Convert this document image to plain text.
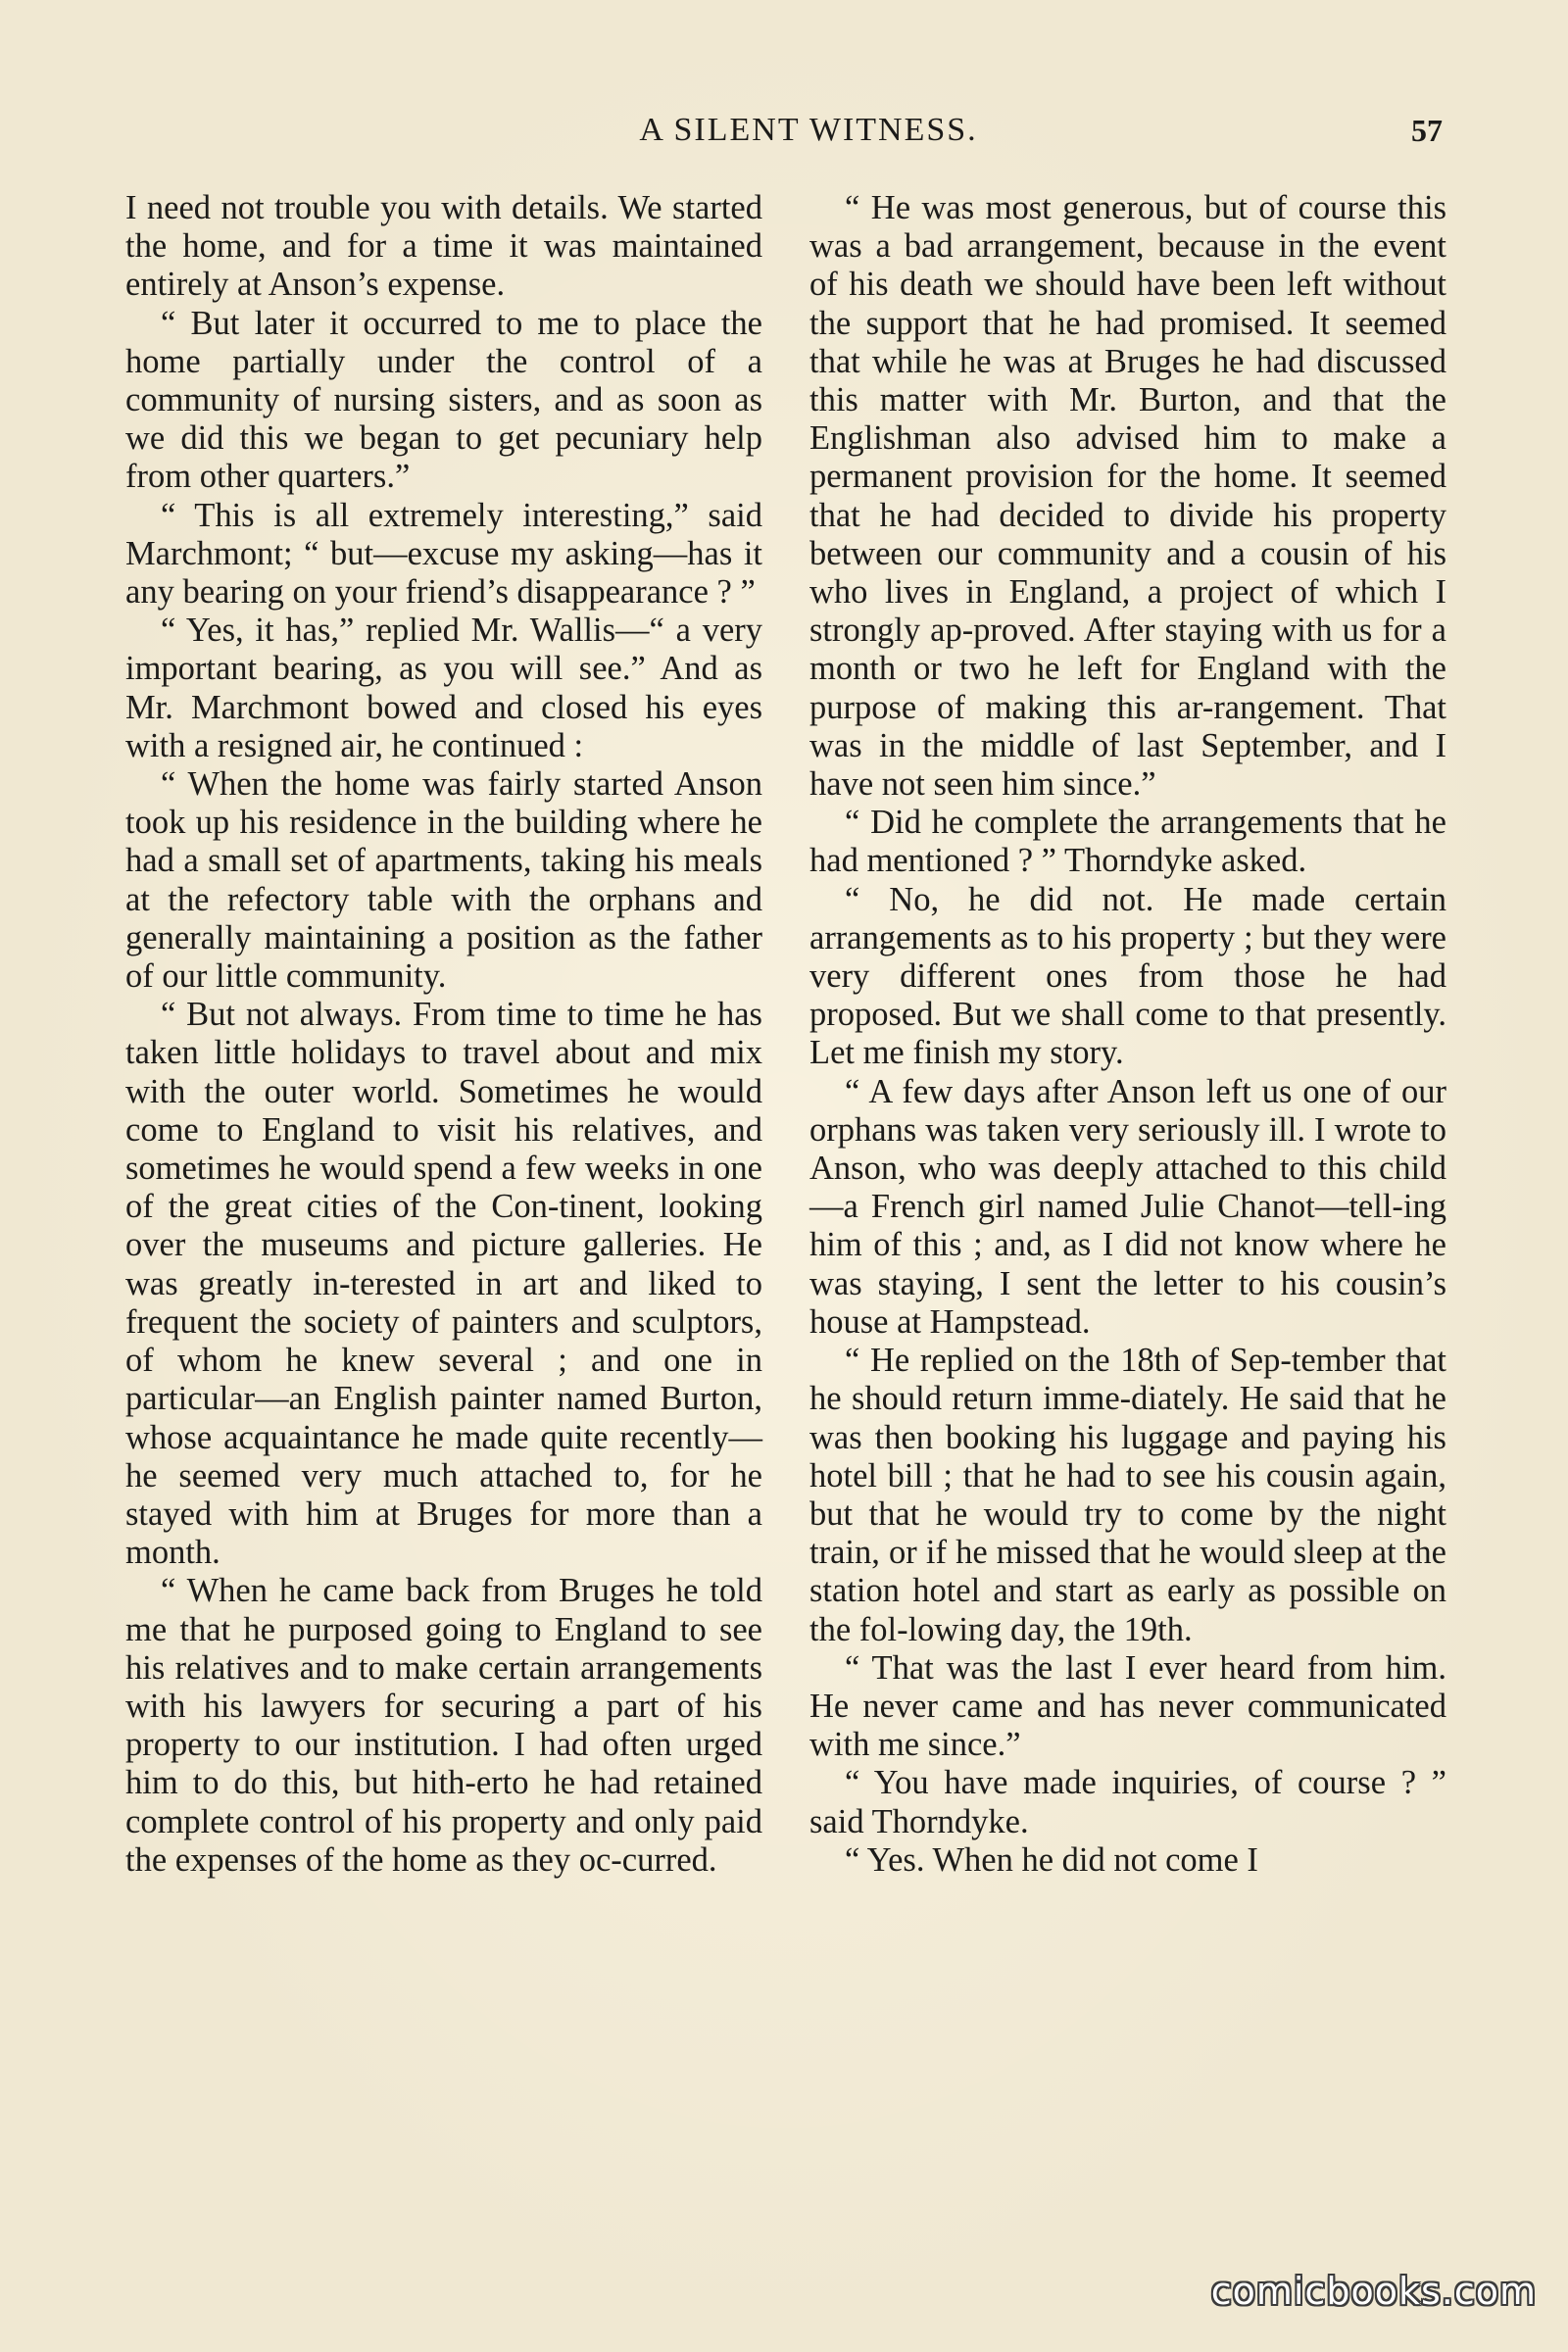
A SILENT WITNESS.	57

I need not trouble you with details. We started the home, and for a time it was maintained entirely at Anson’s expense.

“ But later it occurred to me to place the home partially under the control of a community of nursing sisters, and as soon as we did this we began to get pecuniary help from other quarters.”

“ This is all extremely interesting,” said Marchmont; “ but—excuse my asking—has it any bearing on your friend’s disappearance ? ”

“ Yes, it has,” replied Mr. Wallis—“ a very important bearing, as you will see.” And as Mr. Marchmont bowed and closed his eyes with a resigned air, he continued :

“ When the home was fairly started Anson took up his residence in the building where he had a small set of apartments, taking his meals at the refectory table with the orphans and generally maintaining a position as the father of our little community.

“ But not always. From time to time he has taken little holidays to travel about and mix with the outer world. Sometimes he would come to England to visit his relatives, and sometimes he would spend a few weeks in one of the great cities of the Con-tinent, looking over the museums and picture galleries. He was greatly in-terested in art and liked to frequent the society of painters and sculptors, of whom he knew several ; and one in particular—an English painter named Burton, whose acquaintance he made quite recently—he seemed very much attached to, for he stayed with him at Bruges for more than a month.

“ When he came back from Bruges he told me that he purposed going to England to see his relatives and to make certain arrangements with his lawyers for securing a part of his property to our institution. I had often urged him to do this, but hith-erto he had retained complete control of his property and only paid the expenses of the home as they oc-curred.

“ He was most generous, but of course this was a bad arrangement, because in the event of his death we should have been left without the support that he had promised. It seemed that while he was at Bruges he had discussed this matter with Mr. Burton, and that the Englishman also advised him to make a permanent provision for the home. It seemed that he had decided to divide his property between our community and a cousin of his who lives in England, a project of which I strongly ap-proved. After staying with us for a month or two he left for England with the purpose of making this ar-rangement. That was in the middle of last September, and I have not seen him since.”

“ Did he complete the arrangements that he had mentioned ? ” Thorndyke asked.

“ No, he did not. He made certain arrangements as to his property ; but they were very different ones from those he had proposed. But we shall come to that presently. Let me finish my story.

“ A few days after Anson left us one of our orphans was taken very seriously ill. I wrote to Anson, who was deeply attached to this child—a French girl named Julie Chanot—tell-ing him of this ; and, as I did not know where he was staying, I sent the letter to his cousin’s house at Hampstead.

“ He replied on the 18th of Sep-tember that he should return imme-diately. He said that he was then booking his luggage and paying his hotel bill ; that he had to see his cousin again, but that he would try to come by the night train, or if he missed that he would sleep at the station hotel and start as early as possible on the fol-lowing day, the 19th.

“ That was the last I ever heard from him. He never came and has never communicated with me since.”

“ You have made inquiries, of course ? ” said Thorndyke.

“ Yes. When he did not come I

comicbooks.com
